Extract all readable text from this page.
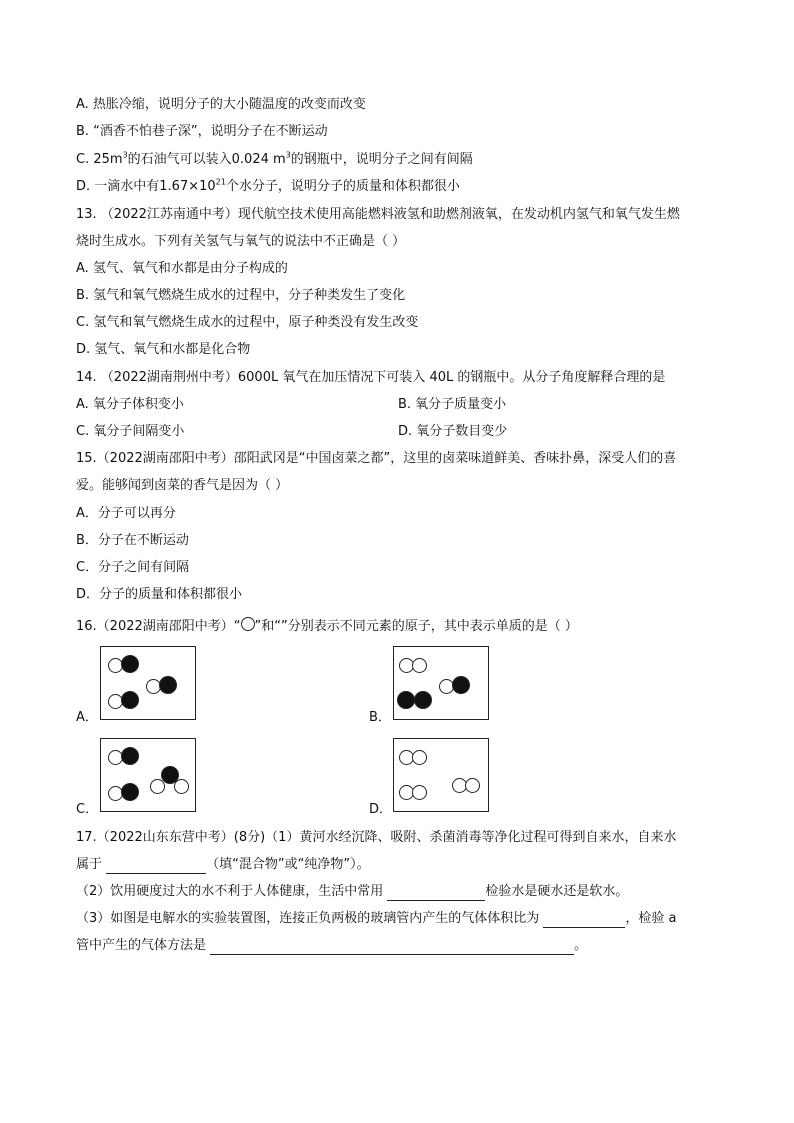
A. 热胀冷缩，说明分子的大小随温度的改变而改变
B. “酒香不怕巷子深”，说明分子在不断运动
C. $25m^3$的石油气可以装入0.024 $m^3$的钢瓶中，说明分子之间有间隔
D. 一滴水中有$1.67\times 10^{21}$个水分子，说明分子的质量和体积都很小
13. （2022江苏南通中考）现代航空技术使用高能燃料液氢和助燃剂液氧，在发动机内氢气和氧气发生燃
烧时生成水。下列有关氢气与氧气的说法中不正确是（ ）
A. 氢气、氧气和水都是由分子构成的
B. 氢气和氧气燃烧生成水的过程中，分子种类发生了变化
C. 氢气和氧气燃烧生成水的过程中，原子种类没有发生改变
D. 氢气、氧气和水都是化合物
14. （2022湖南荆州中考）6000L 氧气在加压情况下可装入 40L 的钢瓶中。从分子角度解释合理的是
A. 氧分子体积变小	B. 氧分子质量变小
C. 氧分子间隔变小	D. 氧分子数目变少
15.（2022湖南邵阳中考）邵阳武冈是“中国卤菜之都”，这里的卤菜味道鲜美、香味扑鼻，深受人们的喜
爱。能够闻到卤菜的香气是因为（ ）
A．分子可以再分
B．分子在不断运动
C．分子之间有间隔
D．分子的质量和体积都很小
16.（2022湖南邵阳中考）“ ”和“”分别表示不同元素的原子，其中表示单质的是（ ）
A．	B．
C．	D．
17.（2022山东东营中考）(8分)（1）黄河水经沉降、吸附、杀菌消毒等净化过程可得到自来水，自来水
属于	（填“混合物”或“纯净物”）。
（2）饮用硬度过大的水不利于人体健康，生活中常用	检验水是硬水还是软水。
（3）如图是电解水的实验装置图，连接正负两极的玻璃管内产生的气体体积比为	，检验 a
管中产生的气体方法是	。
